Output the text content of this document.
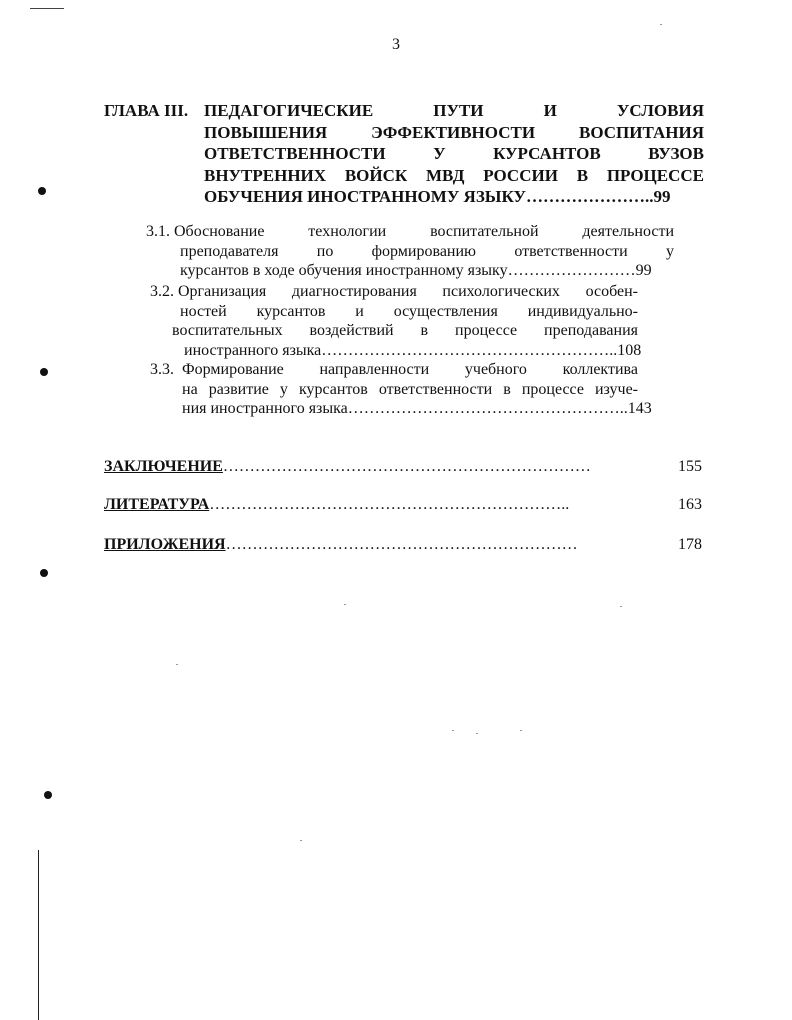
3
ГЛАВА III. ПЕДАГОГИЧЕСКИЕ ПУТИ И УСЛОВИЯ
ПОВЫШЕНИЯ ЭФФЕКТИВНОСТИ ВОСПИТАНИЯ
ОТВЕТСТВЕННОСТИ У КУРСАНТОВ ВУЗОВ
ВНУТРЕННИХ ВОЙСК МВД РОССИИ В ПРОЦЕССЕ
ОБУЧЕНИЯ ИНОСТРАННОМУ ЯЗЫКУ…………………..99
3.1. Обоснование технологии воспитательной деятельности
преподавателя по формированию ответственности у
курсантов в ходе обучения иностранному языку……………………99
3.2. Организация диагностирования психологических особен-
ностей курсантов и осуществления индивидуально-
воспитательных воздействий в процессе преподавания
иностранного языка………………………………………………..108
3.3. Формирование направленности учебного коллектива
на развитие у курсантов ответственности в процессе изуче-
ния иностранного языка……………………………………………..143
ЗАКЛЮЧЕНИЕ……………………………………………………………	155
ЛИТЕРАТУРА…………………………………………………………..	163
ПРИЛОЖЕНИЯ…………………………………………………………	178
